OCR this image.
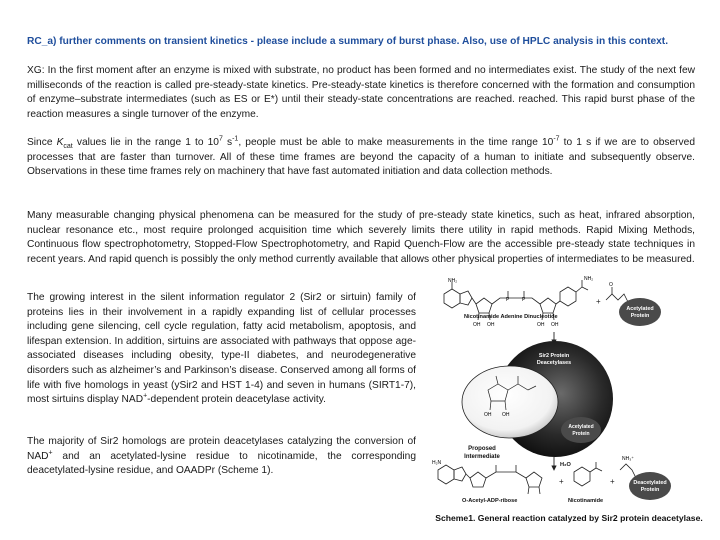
RC_a) further comments on transient kinetics - please include a summary of burst phase. Also, use of HPLC analysis in this context.

XG: In the first moment after an enzyme is mixed with substrate, no product has been formed and no intermediates exist. The study of the next few milliseconds of the reaction is called pre-steady-state kinetics. Pre-steady-state kinetics is therefore concerned with the formation and consumption of enzyme–substrate intermediates (such as ES or E*) until their steady-state concentrations are reached. reached. This rapid burst phase of the reaction measures a single turnover of the enzyme.

Since $K_{cat}$ values lie in the range 1 to $10^7$ $s^{-1}$, people must be able to make measurements in the time range $10^{-7}$ to 1 s if we are to observed processes that are faster than turnover. All of these time frames are beyond the capacity of a human to initiate and subsequently observe. Observations in these time frames rely on machinery that have fast automated initiation and data collection methods.

Many measurable changing physical phenomena can be measured for the study of pre-steady state kinetics, such as heat, infrared absorption, nuclear resonance etc., most require prolonged acquisition time which severely limits there utility in rapid methods. Rapid Mixing Methods, Continuous flow spectrophotometry, Stopped-Flow Spectrophotometry, and Rapid Quench-Flow are the accessible pre-steady state techniques in recent years. And rapid quench is possibly the only method currently available that allows other physical properties of intermediates to be measured.

The growing interest in the silent information regulator 2 (Sir2 or sirtuin) family of proteins lies in their involvement in a rapidly expanding list of cellular processes including gene silencing, cell cycle regulation, fatty acid metabolism, apoptosis, and lifespan extension. In addition, sirtuins are associated with pathways that oppose age-associated diseases including obesity, type-II diabetes, and neurodegenerative disorders such as alzheimer’s and Parkinson’s disease. Conserved among all forms of life with five homologs in yeast (ySir2 and HST 1-4) and seven in humans (SIRT1-7), most sirtuins display NAD+-dependent protein deacetylase activity.

The majority of Sir2 homologs are protein deacetylases catalyzing the conversion of NAD+ and an acetylated-lysine residue to nicotinamide, the corresponding deacetylated-lysine residue, and OAADPr (Scheme 1).

NH₂	NH₂
P	P
OH OH	OH OH
Nicotinamide Adenine Dinucleotide
O
Acetylated
Protein
+
Sir2 Protein
Deacetylases
OH OH
Acetylated
Protein
Proposed
Intermediate
H₂O
H₂N
O-Acetyl-ADP-ribose
+
Nicotinamide
+
NH₃⁺
Deacetylated
Protein
Scheme1. General reaction catalyzed by Sir2 protein deacetylase.
